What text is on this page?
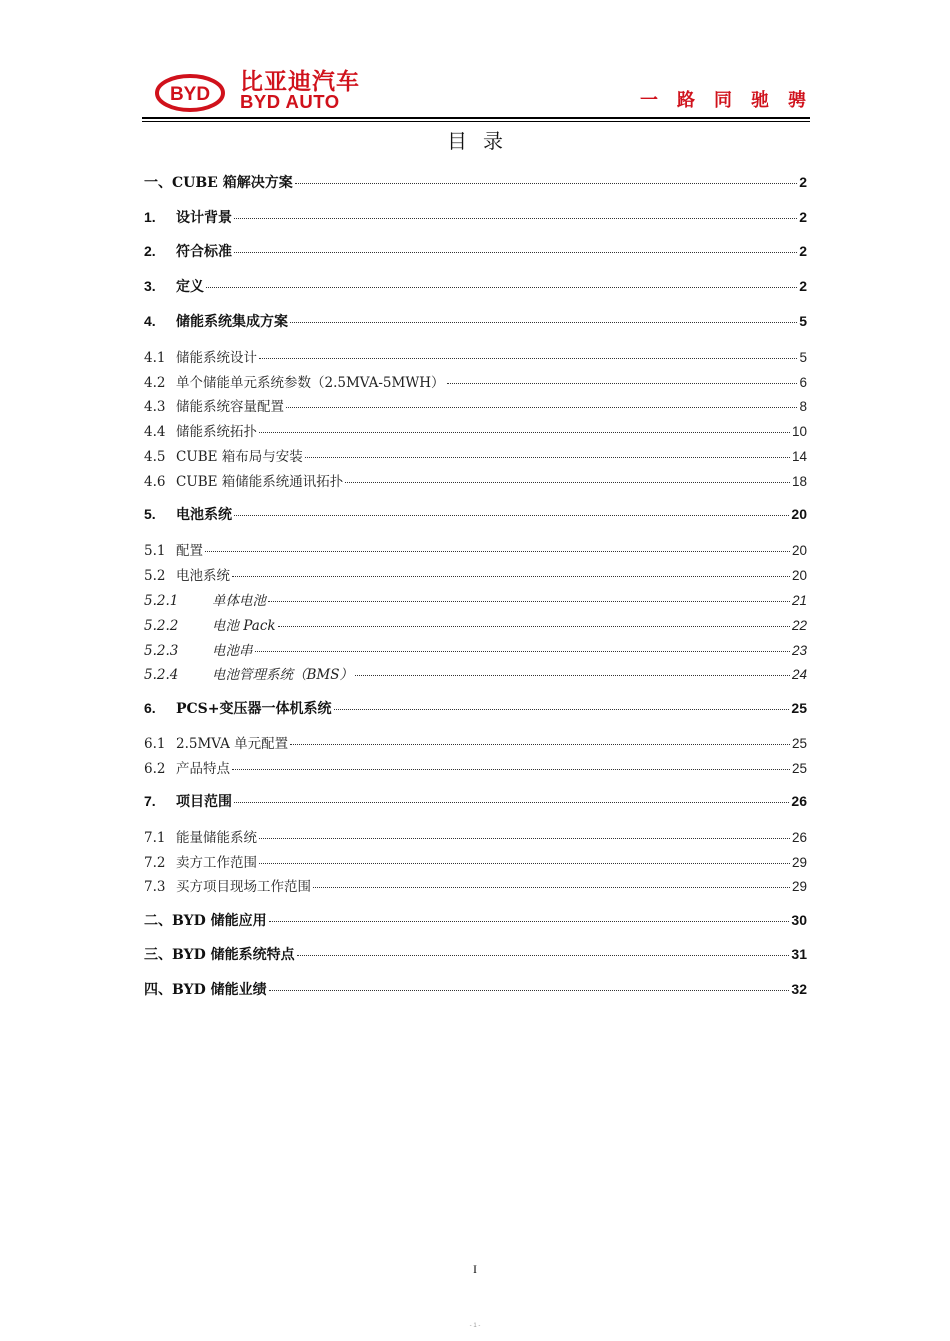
BYD 比亚迪汽车
BYD AUTO	一路同驰骋
目录
一、 CUBE 箱解决方案	2
1.	设计背景	2
2.	符合标准	2
3.	定义	2
4.	储能系统集成方案	5
4.1 储能系统设计	5
4.2 单个储能单元系统参数（2.5MVA-5MWH）	6
4.3 储能系统容量配置	8
4.4 储能系统拓扑	10
4.5 CUBE 箱布局与安装	14
4.6 CUBE 箱储能系统通讯拓扑	18
5.	电池系统	20
5.1 配置	20
5.2 电池系统	20
5.2.1	单体电池	21
5.2.2	电池 Pack	22
5.2.3	电池串	23
5.2.4	电池管理系统（BMS）	24
6.	PCS+变压器一体机系统	25
6.1 2.5MVA 单元配置	25
6.2 产品特点	25
7.	项目范围	26
7.1 能量储能系统	26
7.2 卖方工作范围	29
7.3 买方项目现场工作范围	29
二、 BYD 储能应用	30
三、 BYD 储能系统特点	31
四、 BYD 储能业绩	32
I
- 1 -
